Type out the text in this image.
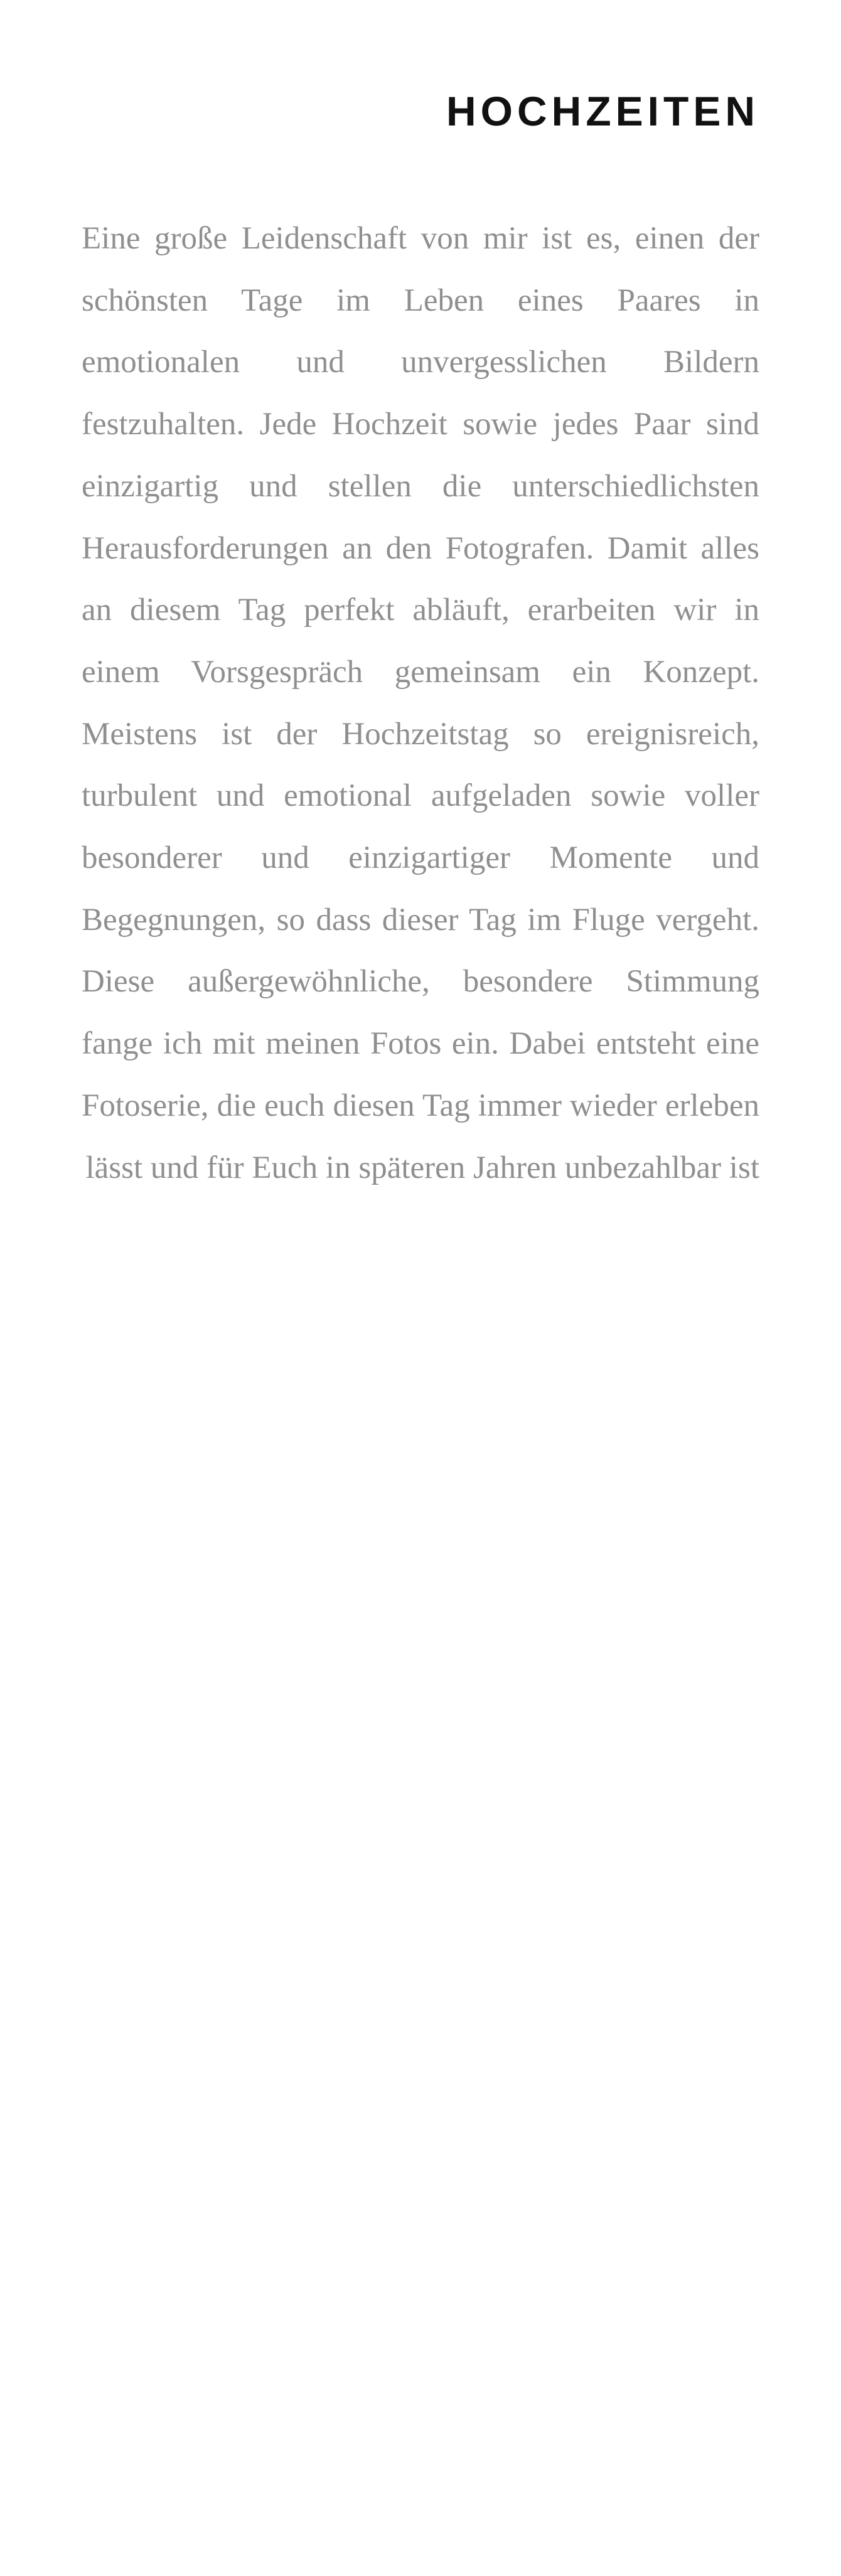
HOCHZEITEN

Eine große Leidenschaft von mir ist es, einen der schönsten Tage im Leben eines Paares in emotionalen und unvergesslichen Bildern festzuhalten. Jede Hochzeit sowie jedes Paar sind einzigartig und stellen die unterschiedlichsten Herausforderungen an den Fotografen. Damit alles an diesem Tag perfekt abläuft, erarbeiten wir in einem Vorsgespräch gemeinsam ein Konzept. Meistens ist der Hochzeitstag so ereignisreich, turbulent und emotional aufgeladen sowie voller besonderer und einzigartiger Momente und Begegnungen, so dass dieser Tag im Fluge vergeht. Diese außergewöhnliche, besondere Stimmung fange ich mit meinen Fotos ein. Dabei entsteht eine Fotoserie, die euch diesen Tag immer wieder erleben lässt und für Euch in späteren Jahren unbezahlbar ist
